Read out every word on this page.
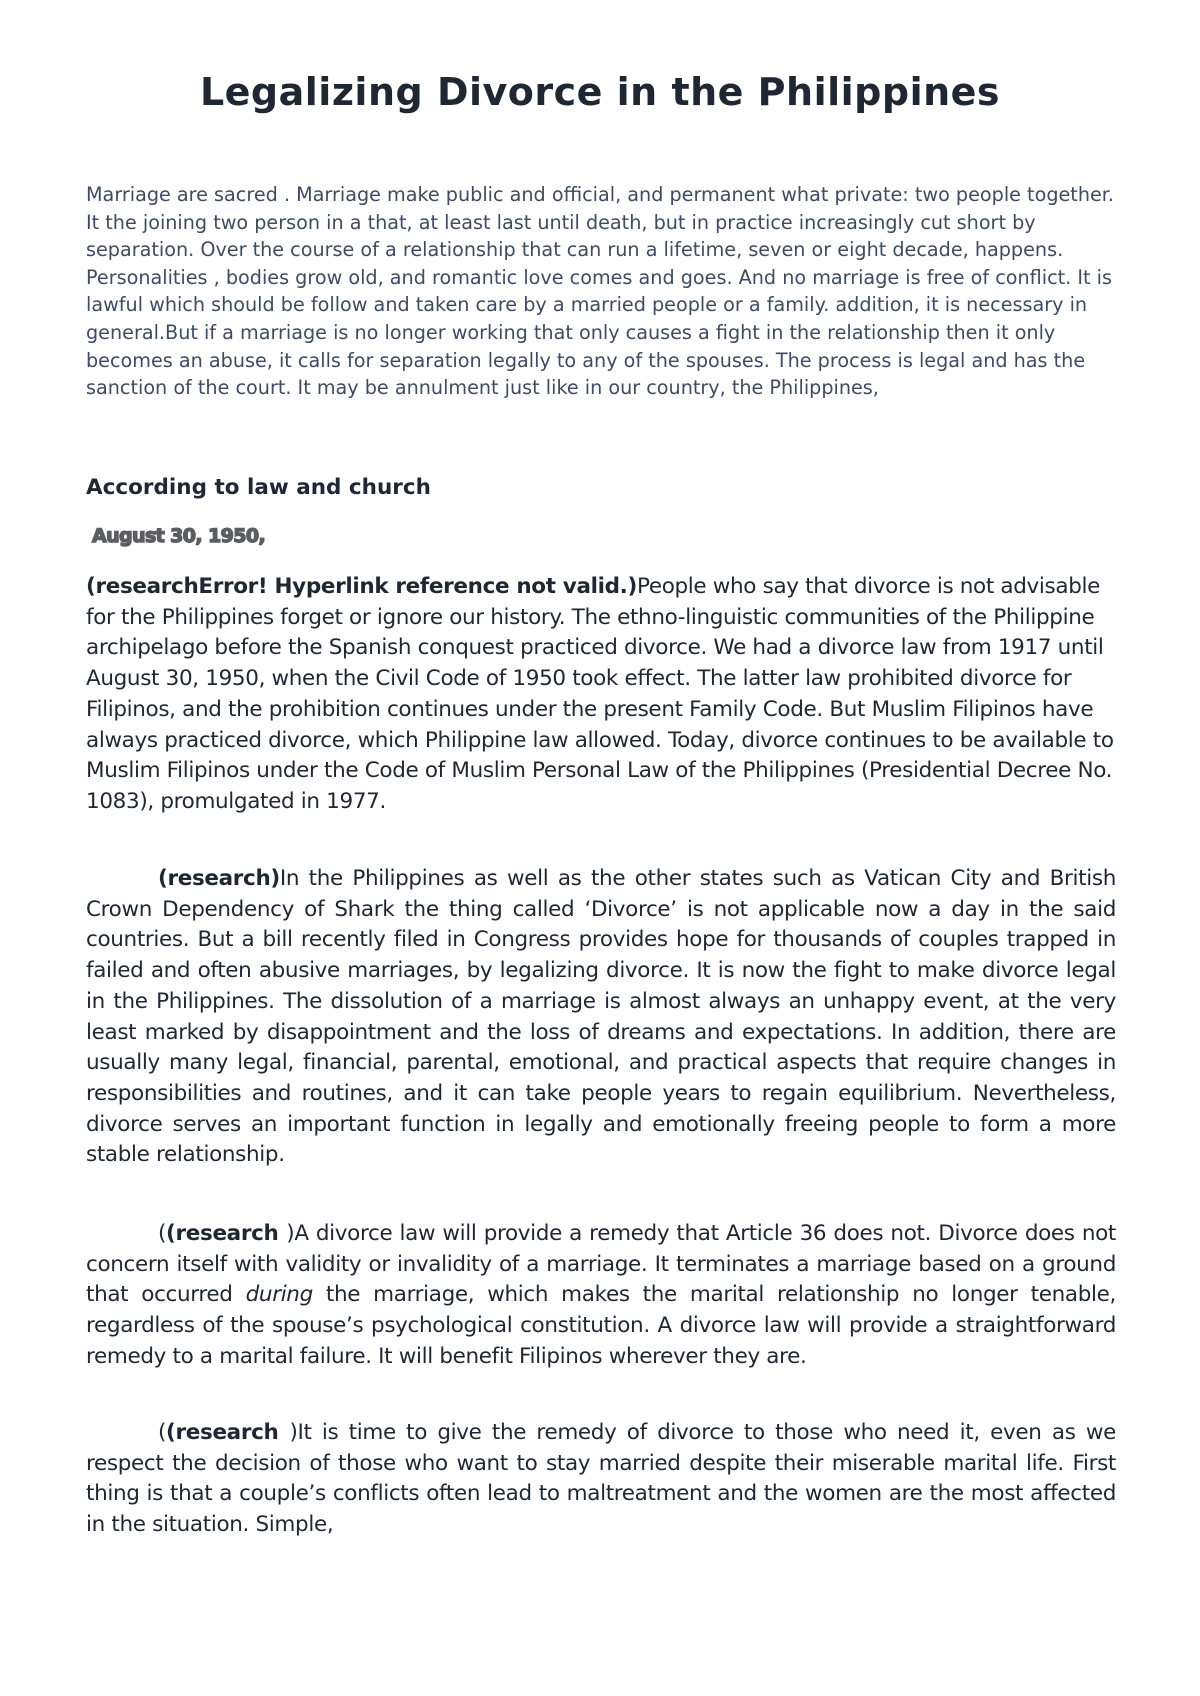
Legalizing Divorce in the Philippines

Marriage are sacred . Marriage make public and official, and permanent what private: two people together. It the joining two person in a that, at least last until death, but in practice increasingly cut short by separation. Over the course of a relationship that can run a lifetime, seven or eight decade, happens. Personalities , bodies grow old, and romantic love comes and goes. And no marriage is free of conflict. It is lawful which should be follow and taken care by a married people or a family. addition, it is necessary in general.But if a marriage is no longer working that only causes a fight in the relationship then it only becomes an abuse, it calls for separation legally to any of the spouses. The process is legal and has the sanction of the court. It may be annulment just like in our country, the Philippines,

According to law and church

August 30, 1950,

(researchError! Hyperlink reference not valid.)People who say that divorce is not advisable for the Philippines forget or ignore our history. The ethno-linguistic communities of the Philippine archipelago before the Spanish conquest practiced divorce. We had a divorce law from 1917 until August 30, 1950, when the Civil Code of 1950 took effect. The latter law prohibited divorce for Filipinos, and the prohibition continues under the present Family Code. But Muslim Filipinos have always practiced divorce, which Philippine law allowed. Today, divorce continues to be available to Muslim Filipinos under the Code of Muslim Personal Law of the Philippines (Presidential Decree No. 1083), promulgated in 1977.

(research)In the Philippines as well as the other states such as Vatican City and British Crown Dependency of Shark the thing called ‘Divorce’ is not applicable now a day in the said countries. But a bill recently filed in Congress provides hope for thousands of couples trapped in failed and often abusive marriages, by legalizing divorce. It is now the fight to make divorce legal in the Philippines. The dissolution of a marriage is almost always an unhappy event, at the very least marked by disappointment and the loss of dreams and expectations. In addition, there are usually many legal, financial, parental, emotional, and practical aspects that require changes in responsibilities and routines, and it can take people years to regain equilibrium. Nevertheless, divorce serves an important function in legally and emotionally freeing people to form a more stable relationship.

((research )A divorce law will provide a remedy that Article 36 does not. Divorce does not concern itself with validity or invalidity of a marriage. It terminates a marriage based on a ground that occurred during the marriage, which makes the marital relationship no longer tenable, regardless of the spouse’s psychological constitution. A divorce law will provide a straightforward remedy to a marital failure. It will benefit Filipinos wherever they are.

((research )It is time to give the remedy of divorce to those who need it, even as we respect the decision of those who want to stay married despite their miserable marital life. First thing is that a couple’s conflicts often lead to maltreatment and the women are the most affected in the situation. Simple,
